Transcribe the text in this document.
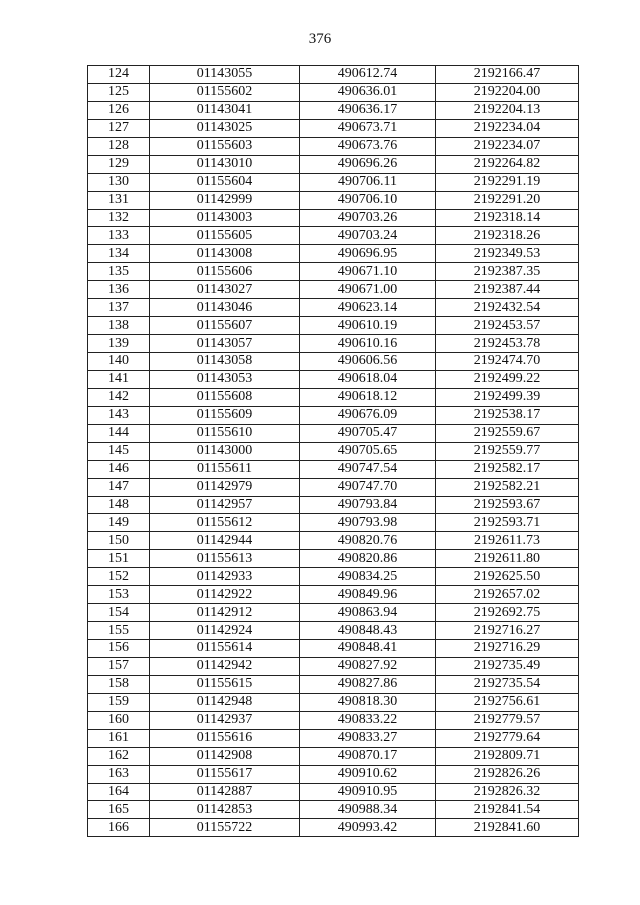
376
124	01143055	490612.74	2192166.47
125	01155602	490636.01	2192204.00
126	01143041	490636.17	2192204.13
127	01143025	490673.71	2192234.04
128	01155603	490673.76	2192234.07
129	01143010	490696.26	2192264.82
130	01155604	490706.11	2192291.19
131	01142999	490706.10	2192291.20
132	01143003	490703.26	2192318.14
133	01155605	490703.24	2192318.26
134	01143008	490696.95	2192349.53
135	01155606	490671.10	2192387.35
136	01143027	490671.00	2192387.44
137	01143046	490623.14	2192432.54
138	01155607	490610.19	2192453.57
139	01143057	490610.16	2192453.78
140	01143058	490606.56	2192474.70
141	01143053	490618.04	2192499.22
142	01155608	490618.12	2192499.39
143	01155609	490676.09	2192538.17
144	01155610	490705.47	2192559.67
145	01143000	490705.65	2192559.77
146	01155611	490747.54	2192582.17
147	01142979	490747.70	2192582.21
148	01142957	490793.84	2192593.67
149	01155612	490793.98	2192593.71
150	01142944	490820.76	2192611.73
151	01155613	490820.86	2192611.80
152	01142933	490834.25	2192625.50
153	01142922	490849.96	2192657.02
154	01142912	490863.94	2192692.75
155	01142924	490848.43	2192716.27
156	01155614	490848.41	2192716.29
157	01142942	490827.92	2192735.49
158	01155615	490827.86	2192735.54
159	01142948	490818.30	2192756.61
160	01142937	490833.22	2192779.57
161	01155616	490833.27	2192779.64
162	01142908	490870.17	2192809.71
163	01155617	490910.62	2192826.26
164	01142887	490910.95	2192826.32
165	01142853	490988.34	2192841.54
166	01155722	490993.42	2192841.60
